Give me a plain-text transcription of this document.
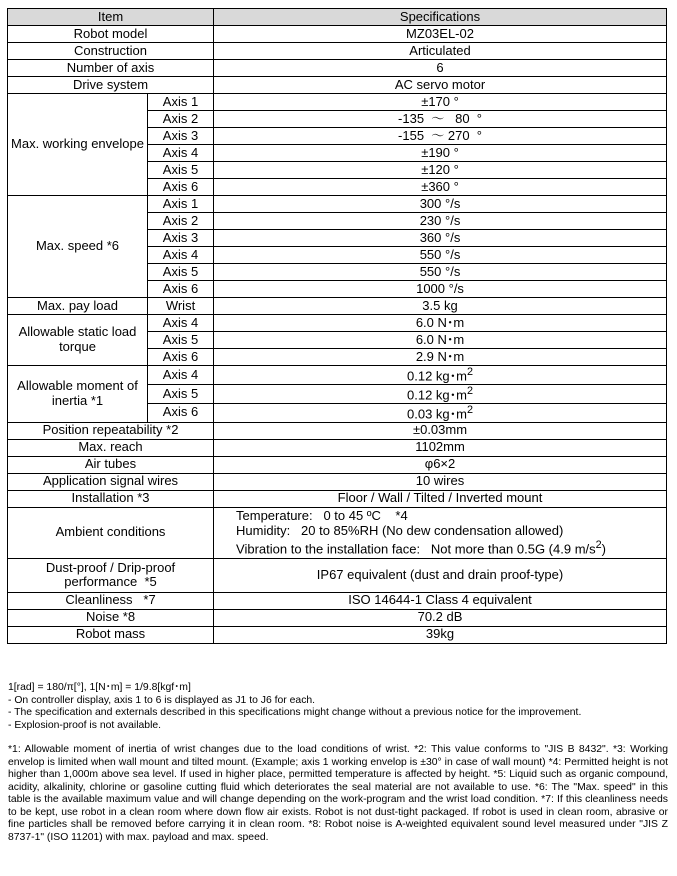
Item		Specifications
Robot model		MZ03EL-02
Construction		Articulated
Number of axis		6
Drive system		AC servo motor
Max. working envelope	Axis 1	±170 °
	Axis 2	-135  ～   80  °
	Axis 3	-155  ～ 270  °
	Axis 4	±190 °
	Axis 5	±120 °
	Axis 6	±360 °
Max. speed *6	Axis 1	300 °/s
	Axis 2	230 °/s
	Axis 3	360 °/s
	Axis 4	550 °/s
	Axis 5	550 °/s
	Axis 6	1000 °/s
Max. pay load	Wrist	3.5 kg
Allowable static load torque	Axis 4	6.0 N･m
	Axis 5	6.0 N･m
	Axis 6	2.9 N･m
Allowable moment of inertia *1	Axis 4	0.12 kg･$m^2$
	Axis 5	0.12 kg･$m^2$
	Axis 6	0.03 kg･$m^2$
Position repeatability *2		±0.03mm
Max. reach		1102mm
Air tubes		φ6×2
Application signal wires		10 wires
Installation *3		Floor / Wall / Tilted / Inverted mount
Ambient conditions		Temperature:   0 to 45 ºC    *4
Humidity:   20 to 85%RH (No dew condensation allowed)
Vibration to the installation face:   Not more than 0.5G (4.9 $m/s^2$)

Dust-proof / Drip-proof performance  *5		IP67 equivalent (dust and drain proof-type)
Cleanliness   *7		ISO 14644-1 Class 4 equivalent
Noise *8		70.2 dB
Robot mass		39kg
1[rad] = 180/π[°], 1[N･m] = 1/9.8[kgf･m]
- On controller display, axis 1 to 6 is displayed as J1 to J6 for each.
- The specification and externals described in this specifications might change without a previous notice for the improvement.
- Explosion-proof is not available.
*1: Allowable moment of inertia of wrist changes due to the load conditions of wrist. *2: This value conforms to "JIS B 8432". *3: Working envelop is limited when wall mount and tilted mount. (Example; axis 1 working envelop is ±30° in case of wall mount) *4: Permitted height is not higher than 1,000m above sea level. If used in higher place, permitted temperature is affected by height. *5: Liquid such as organic compound, acidity, alkalinity, chlorine or gasoline cutting fluid which deteriorates the seal material are not available to use. *6: The "Max. speed" in this table is the available maximum value and will change depending on the work-program and the wrist load condition. *7: If this cleanliness needs to be kept, use robot in a clean room where down flow air exists. Robot is not dust-tight packaged. If robot is used in clean room, abrasive or fine particles shall be removed before carrying it in clean room. *8: Robot noise is A-weighted equivalent sound level measured under "JIS Z 8737-1" (ISO 11201) with max. payload and max. speed.
